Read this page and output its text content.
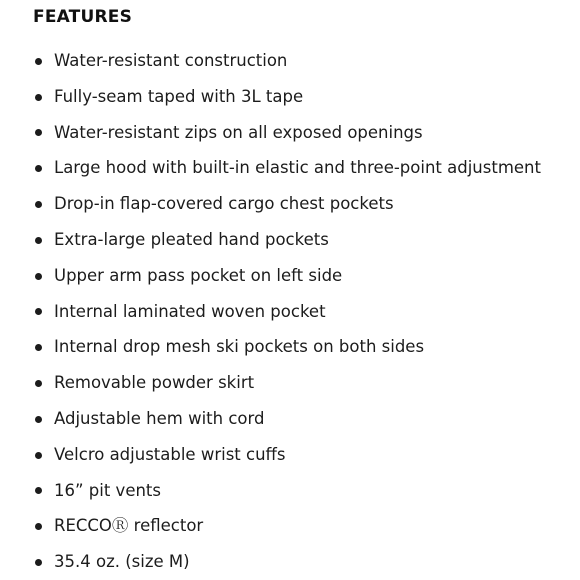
FEATURES
Water-resistant construction
Fully-seam taped with 3L tape
Water-resistant zips on all exposed openings
Large hood with built-in elastic and three-point adjustment
Drop-in flap-covered cargo chest pockets
Extra-large pleated hand pockets
Upper arm pass pocket on left side
Internal laminated woven pocket
Internal drop mesh ski pockets on both sides
Removable powder skirt
Adjustable hem with cord
Velcro adjustable wrist cuffs
16” pit vents
RECCOⓇ reflector
35.4 oz. (size M)
